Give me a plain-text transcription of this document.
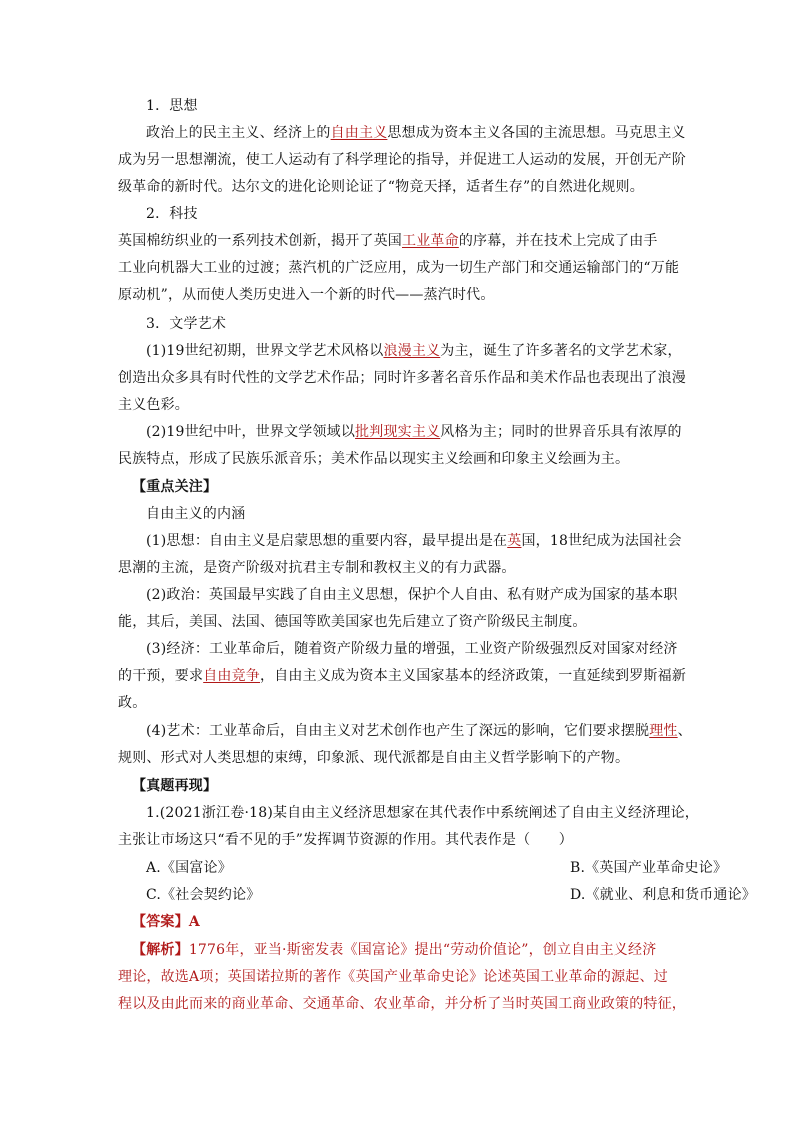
1．思想
政治上的民主主义、经济上的自由主义思想成为资本主义各国的主流思想。马克思主义
成为另一思想潮流，使工人运动有了科学理论的指导，并促进工人运动的发展，开创无产阶
级革命的新时代。达尔文的进化论则论证了“物竞天择，适者生存”的自然进化规则。
2．科技
英国棉纺织业的一系列技术创新，揭开了英国工业革命的序幕，并在技术上完成了由手
工业向机器大工业的过渡；蒸汽机的广泛应用，成为一切生产部门和交通运输部门的“万能
原动机”，从而使人类历史进入一个新的时代——蒸汽时代。
3．文学艺术
(1)19世纪初期，世界文学艺术风格以浪漫主义为主，诞生了许多著名的文学艺术家，
创造出众多具有时代性的文学艺术作品；同时许多著名音乐作品和美术作品也表现出了浪漫
主义色彩。
(2)19世纪中叶，世界文学领域以批判现实主义风格为主；同时的世界音乐具有浓厚的
民族特点，形成了民族乐派音乐；美术作品以现实主义绘画和印象主义绘画为主。
【重点关注】
自由主义的内涵
(1)思想：自由主义是启蒙思想的重要内容，最早提出是在英国，18世纪成为法国社会
思潮的主流，是资产阶级对抗君主专制和教权主义的有力武器。
(2)政治：英国最早实践了自由主义思想，保护个人自由、私有财产成为国家的基本职
能，其后，美国、法国、德国等欧美国家也先后建立了资产阶级民主制度。
(3)经济：工业革命后，随着资产阶级力量的增强，工业资产阶级强烈反对国家对经济
的干预，要求自由竞争，自由主义成为资本主义国家基本的经济政策，一直延续到罗斯福新
政。
(4)艺术：工业革命后，自由主义对艺术创作也产生了深远的影响，它们要求摆脱理性、
规则、形式对人类思想的束缚，印象派、现代派都是自由主义哲学影响下的产物。
【真题再现】
1.(2021浙江卷·18)某自由主义经济思想家在其代表作中系统阐述了自由主义经济理论，
主张让市场这只“看不见的手”发挥调节资源的作用。其代表作是（　　）
A.《国富论》	B.《英国产业革命史论》
C.《社会契约论》	D.《就业、利息和货币通论》
【答案】A
【解析】1776年，亚当·斯密发表《国富论》提出“劳动价值论”，创立自由主义经济
理论，故选A项；英国诺拉斯的著作《英国产业革命史论》论述英国工业革命的源起、过
程以及由此而来的商业革命、交通革命、农业革命，并分析了当时英国工商业政策的特征，
